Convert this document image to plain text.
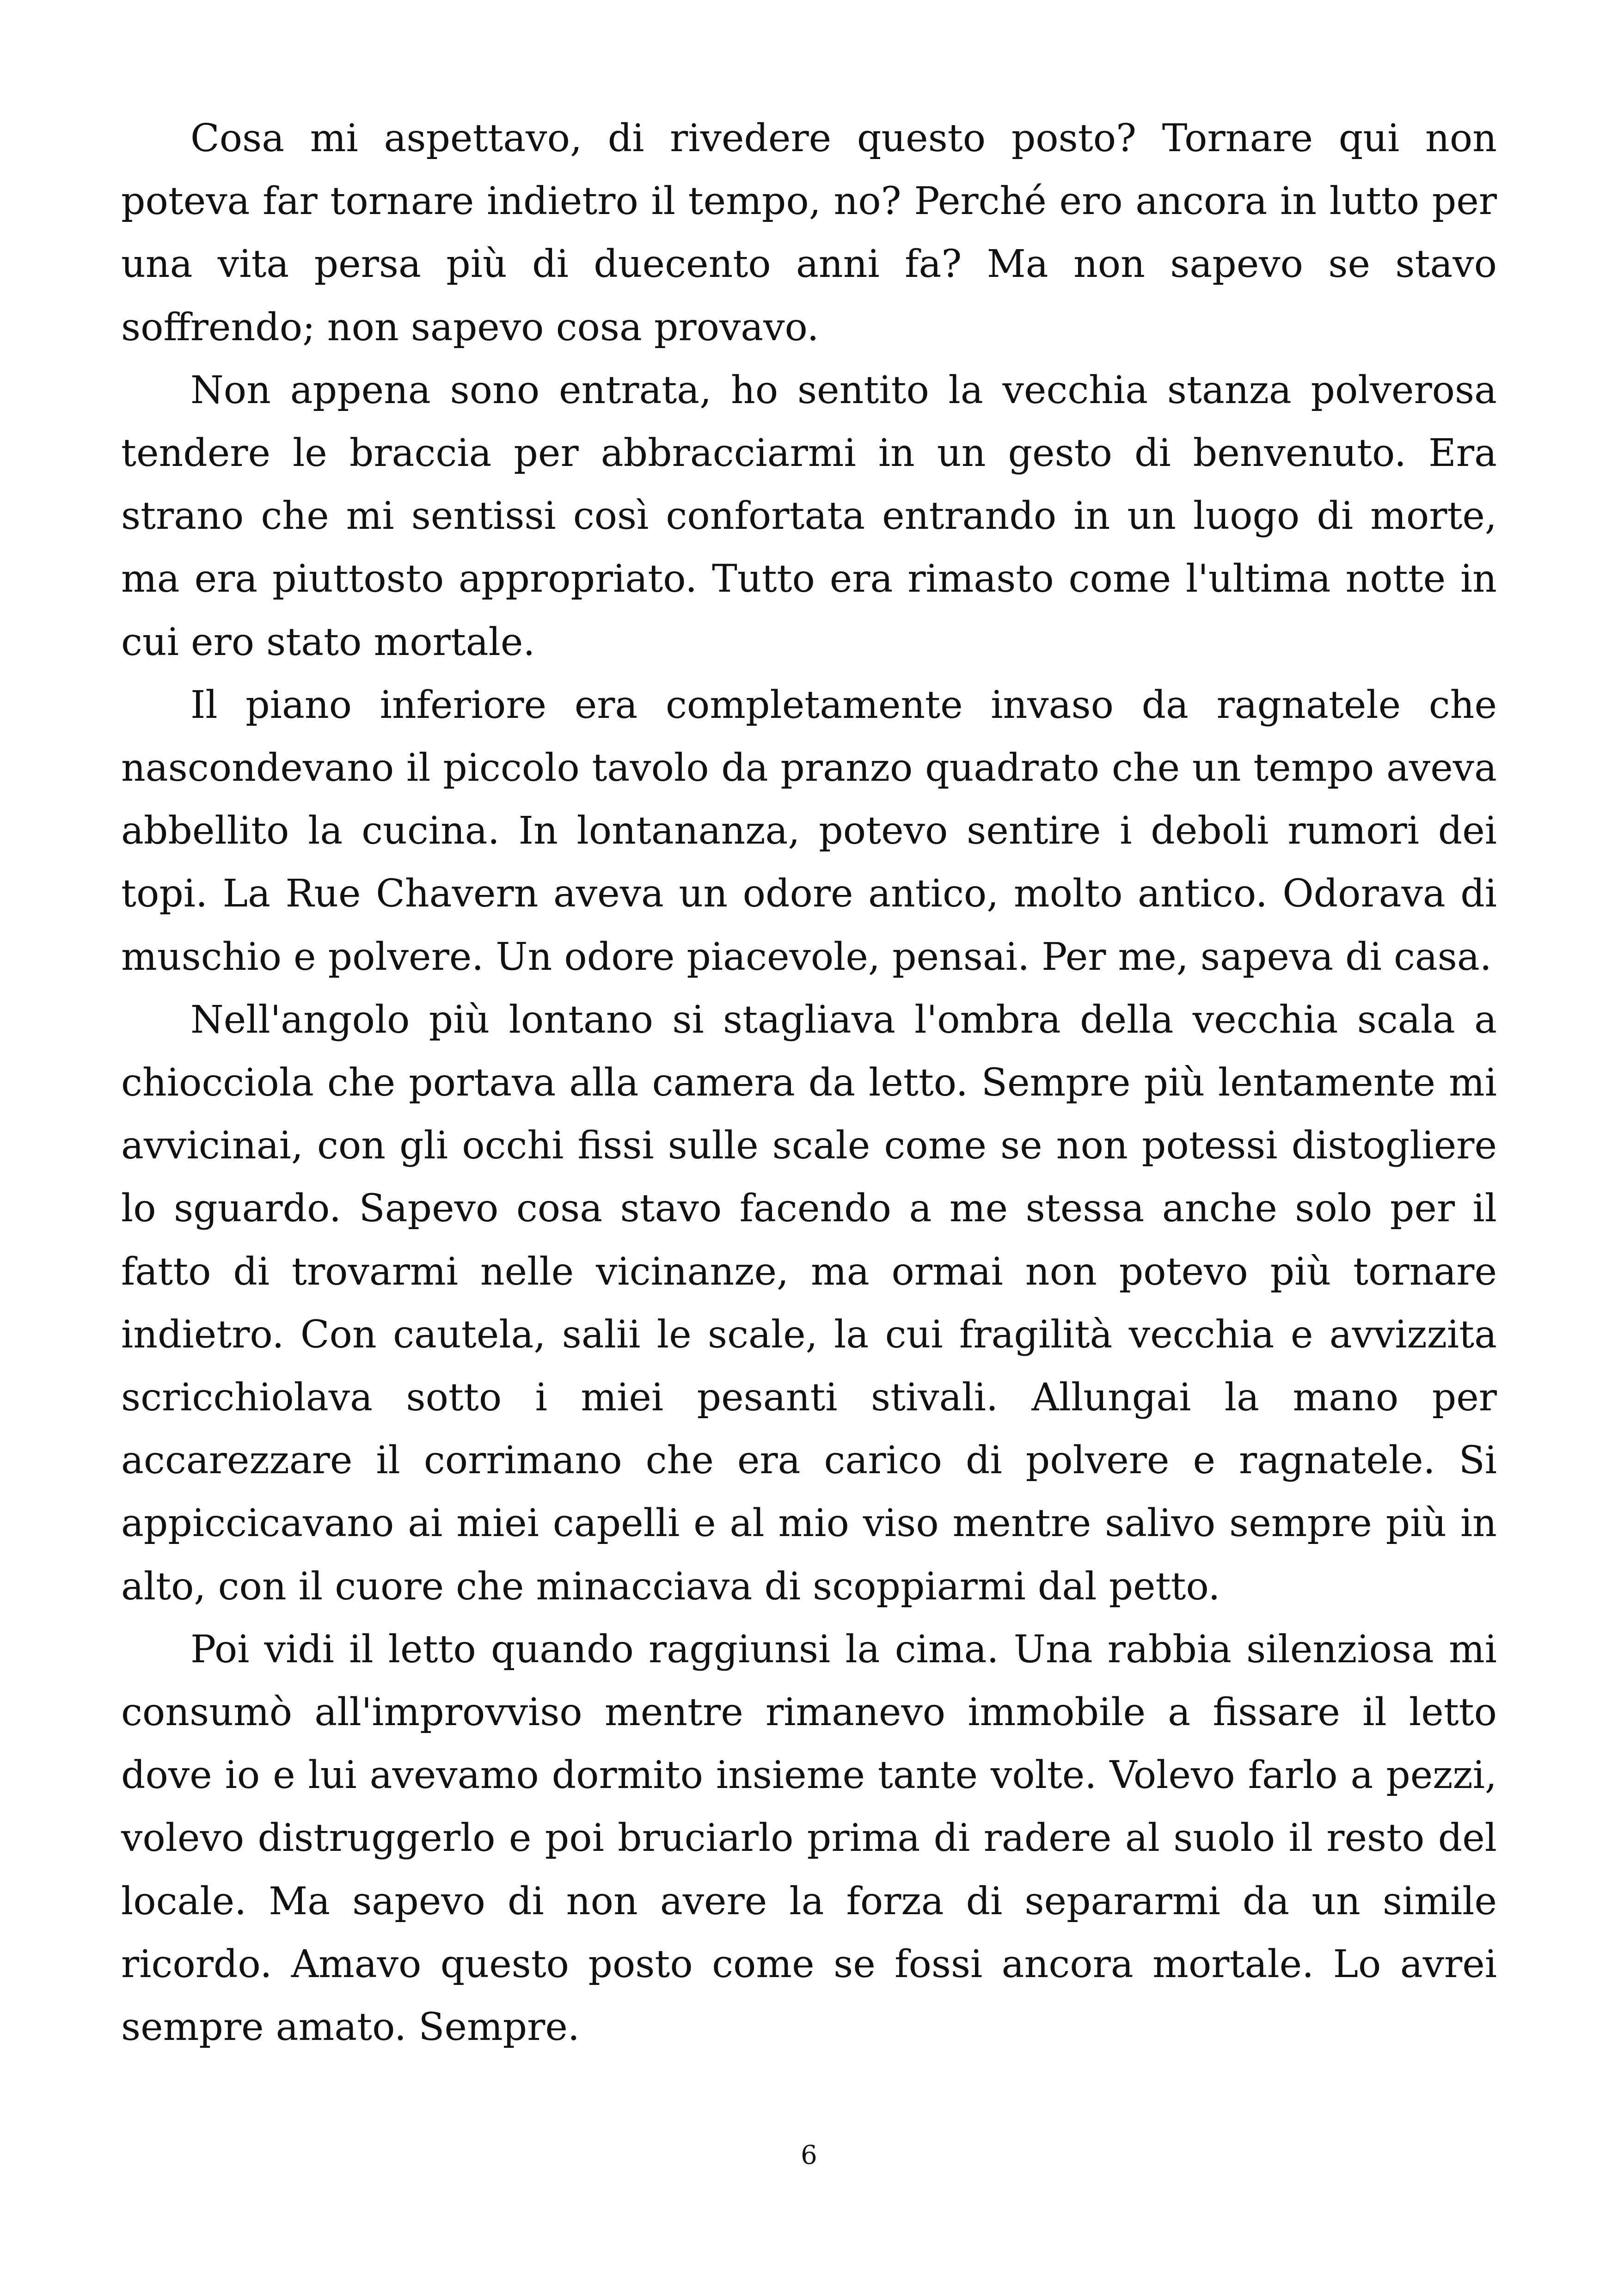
Cosa mi aspettavo, di rivedere questo posto? Tornare qui non poteva far tornare indietro il tempo, no? Perché ero ancora in lutto per una vita persa più di duecento anni fa? Ma non sapevo se stavo soffrendo; non sapevo cosa provavo.

Non appena sono entrata, ho sentito la vecchia stanza polverosa tendere le braccia per abbracciarmi in un gesto di benvenuto. Era strano che mi sentissi così confortata entrando in un luogo di morte, ma era piuttosto appropriato. Tutto era rimasto come l'ultima notte in cui ero stato mortale.

Il piano inferiore era completamente invaso da ragnatele che nascondevano il piccolo tavolo da pranzo quadrato che un tempo aveva abbellito la cucina. In lontananza, potevo sentire i deboli rumori dei topi. La Rue Chavern aveva un odore antico, molto antico. Odorava di muschio e polvere. Un odore piacevole, pensai. Per me, sapeva di casa.

Nell'angolo più lontano si stagliava l'ombra della vecchia scala a chiocciola che portava alla camera da letto. Sempre più lentamente mi avvicinai, con gli occhi fissi sulle scale come se non potessi distogliere lo sguardo. Sapevo cosa stavo facendo a me stessa anche solo per il fatto di trovarmi nelle vicinanze, ma ormai non potevo più tornare indietro. Con cautela, salii le scale, la cui fragilità vecchia e avvizzita scricchiolava sotto i miei pesanti stivali. Allungai la mano per accarezzare il corrimano che era carico di polvere e ragnatele. Si appiccicavano ai miei capelli e al mio viso mentre salivo sempre più in alto, con il cuore che minacciava di scoppiarmi dal petto.

Poi vidi il letto quando raggiunsi la cima. Una rabbia silenziosa mi consumò all'improvviso mentre rimanevo immobile a fissare il letto dove io e lui avevamo dormito insieme tante volte. Volevo farlo a pezzi, volevo distruggerlo e poi bruciarlo prima di radere al suolo il resto del locale. Ma sapevo di non avere la forza di separarmi da un simile ricordo. Amavo questo posto come se fossi ancora mortale. Lo avrei sempre amato. Sempre.

6
